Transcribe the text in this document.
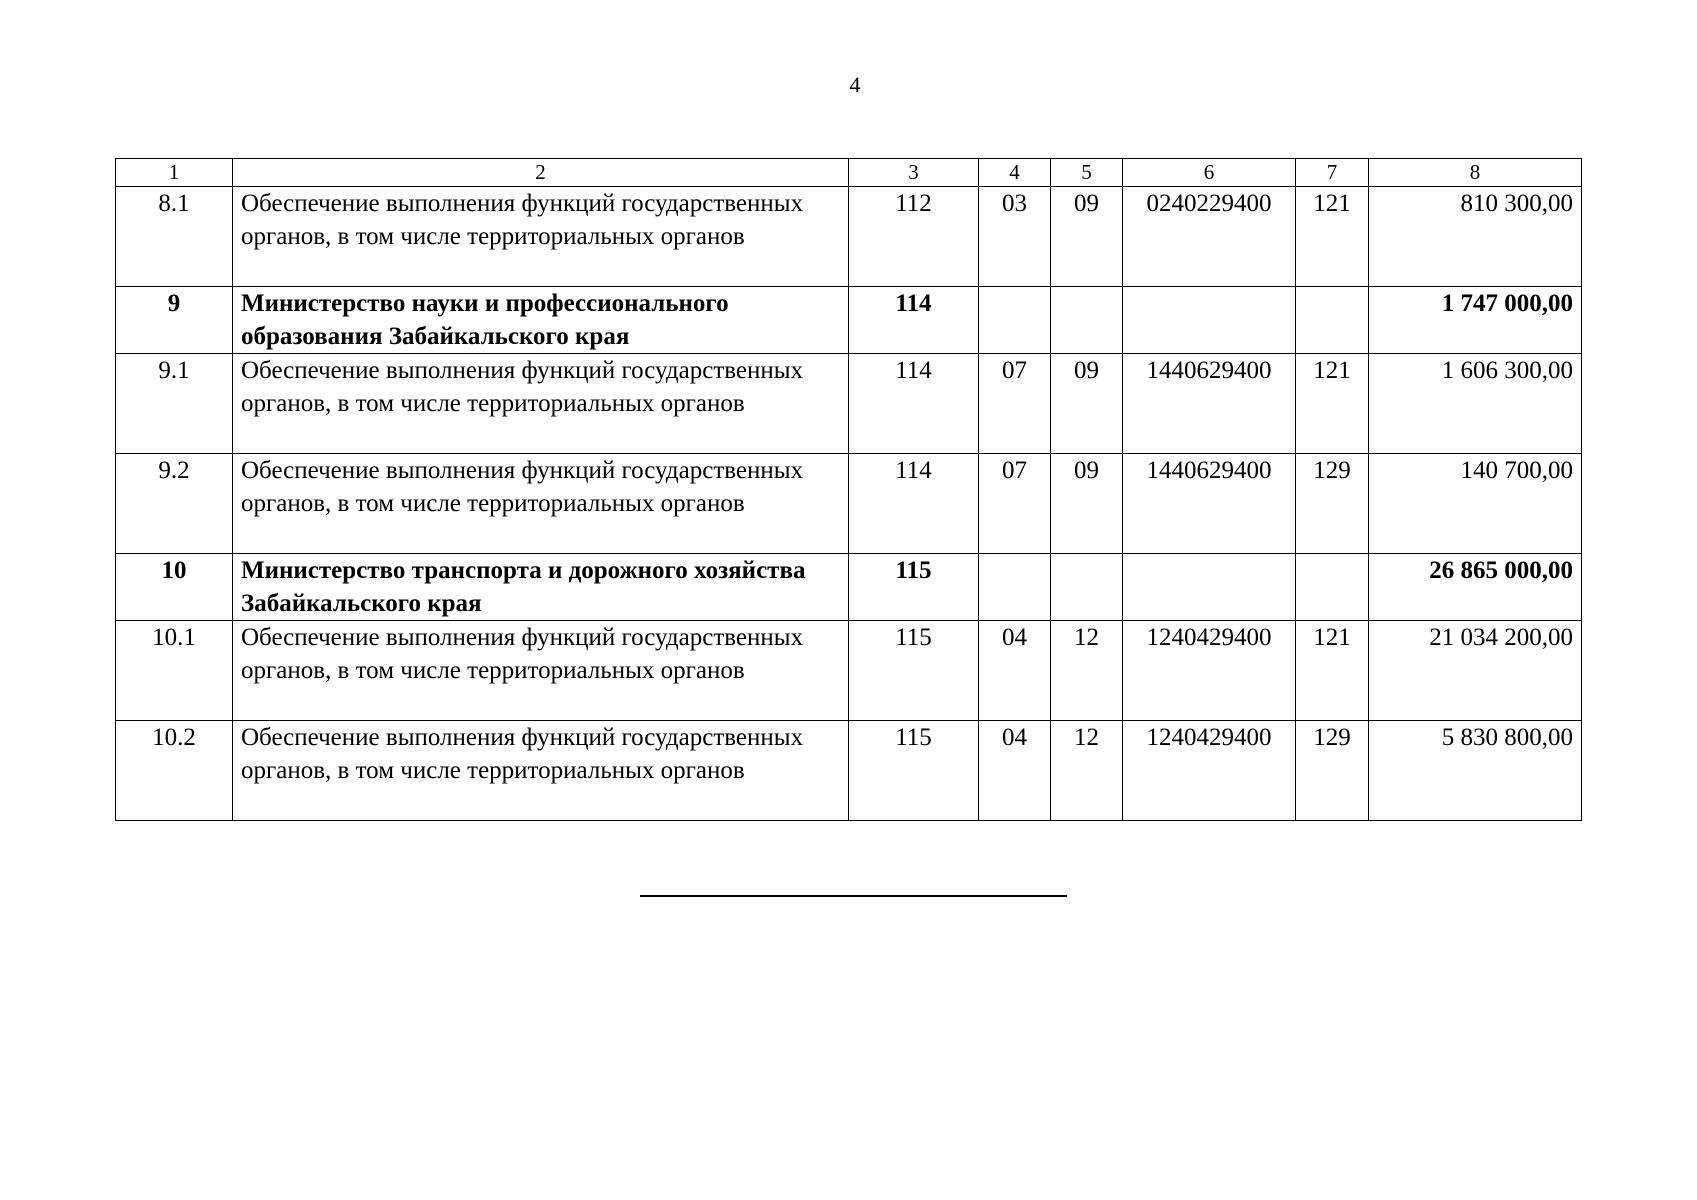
4
1	2	3	4	5	6	7	8
8.1	Обеспечение выполнения функций государственных органов, в том числе территориальных органов	112	03	09	0240229400	121	810 300,00
9	Министерство науки и профессионального образования Забайкальского края	114					1 747 000,00
9.1	Обеспечение выполнения функций государственных органов, в том числе территориальных органов	114	07	09	1440629400	121	1 606 300,00
9.2	Обеспечение выполнения функций государственных органов, в том числе территориальных органов	114	07	09	1440629400	129	140 700,00
10	Министерство транспорта и дорожного хозяйства Забайкальского края	115					26 865 000,00
10.1	Обеспечение выполнения функций государственных органов, в том числе территориальных органов	115	04	12	1240429400	121	21 034 200,00
10.2	Обеспечение выполнения функций государственных органов, в том числе территориальных органов	115	04	12	1240429400	129	5 830 800,00
